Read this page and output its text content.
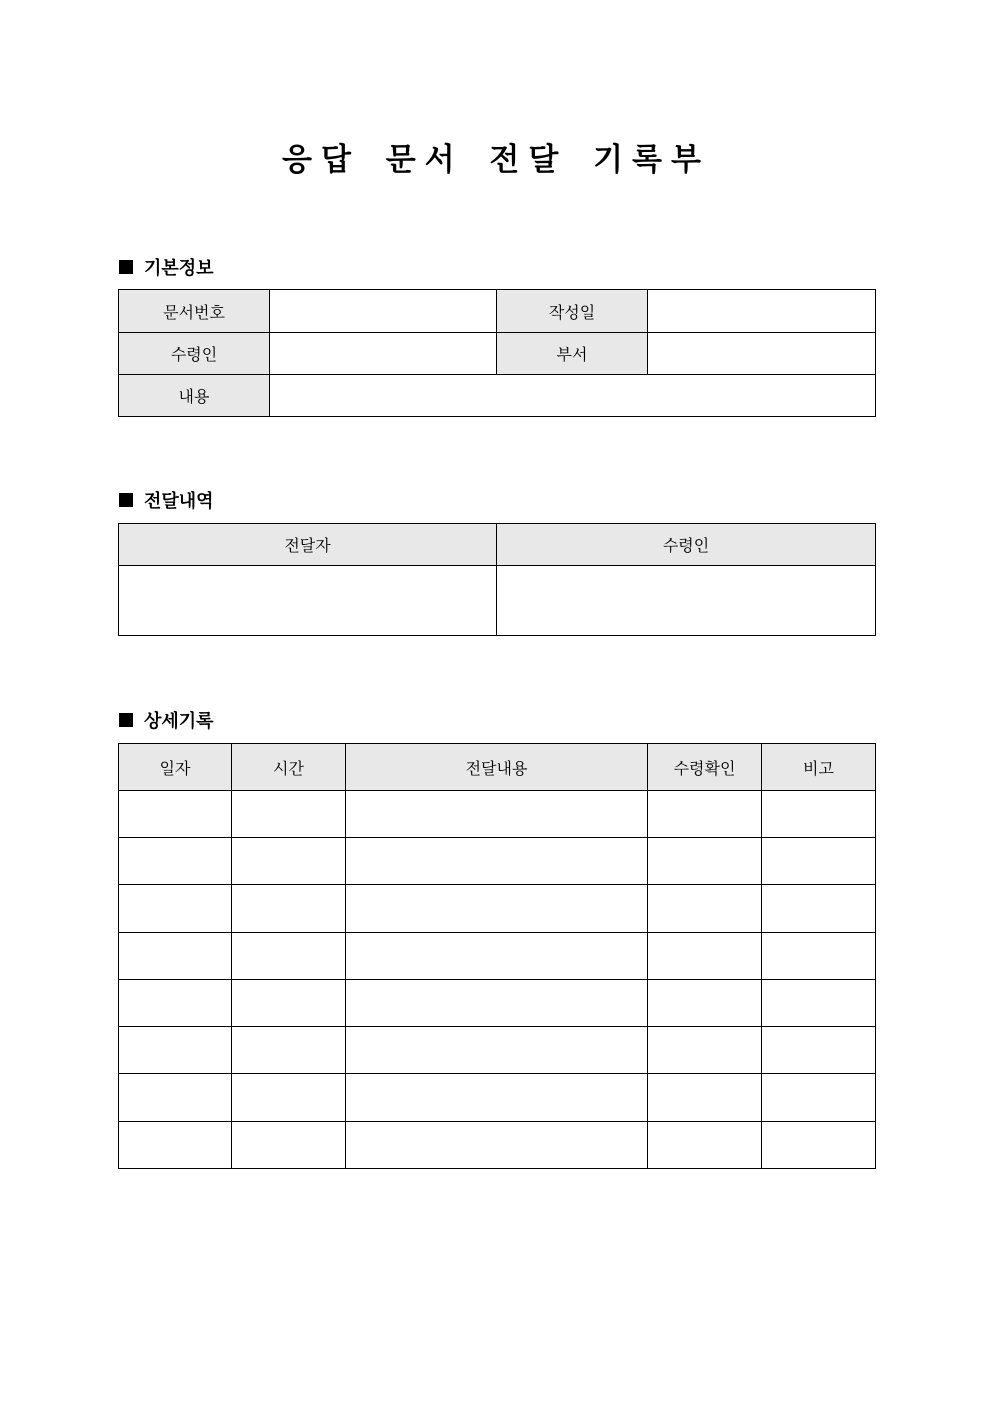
응답 문서 전달 기록부
기본정보
문서번호		작성일	
수령인		부서	
내용			
전달내역
전달자	수령인

상세기록
일자	시간	전달내용	수령확인	비고
